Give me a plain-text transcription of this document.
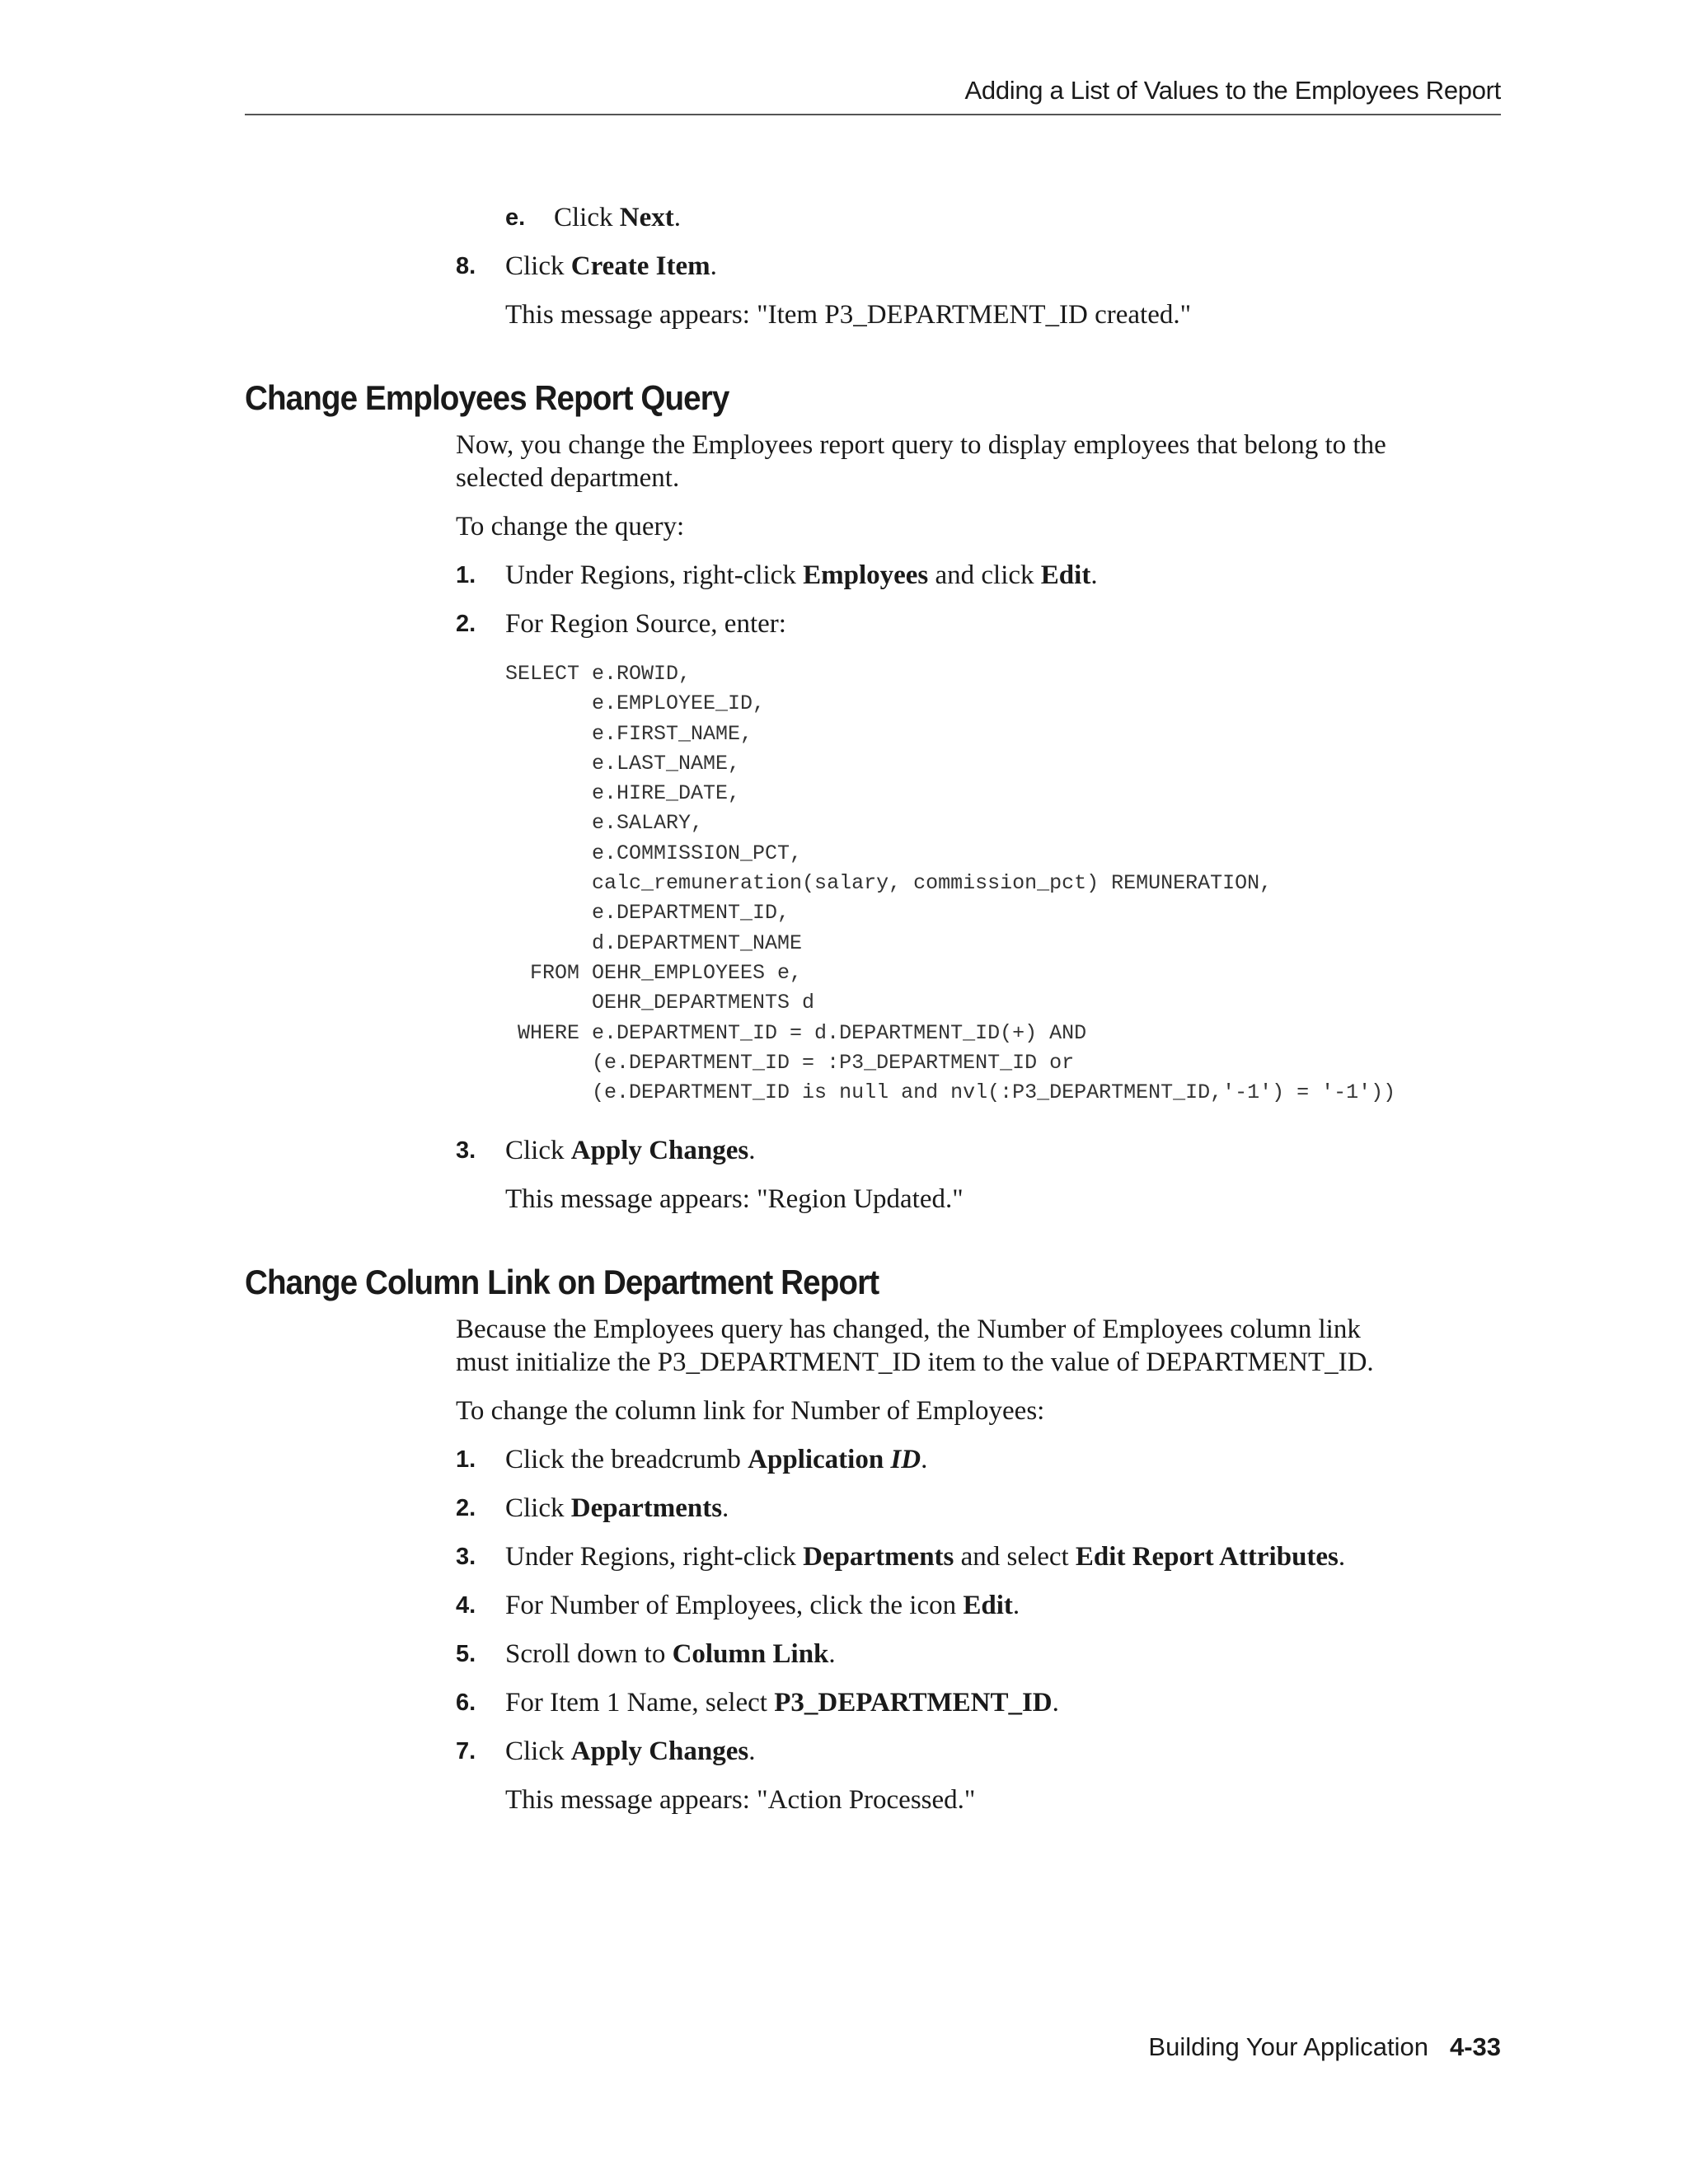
Adding a List of Values to the Employees Report
e. Click Next.
8. Click Create Item.
This message appears: "Item P3_DEPARTMENT_ID created."
Change Employees Report Query
Now, you change the Employees report query to display employees that belong to the
selected department.
To change the query:
1. Under Regions, right-click Employees and click Edit.
2. For Region Source, enter:
SELECT e.ROWID,
e.EMPLOYEE_ID,
e.FIRST_NAME,
e.LAST_NAME,
e.HIRE_DATE,
e.SALARY,
e.COMMISSION_PCT,
calc_remuneration(salary, commission_pct) REMUNERATION,
e.DEPARTMENT_ID,
d.DEPARTMENT_NAME
FROM OEHR_EMPLOYEES e,
OEHR_DEPARTMENTS d
WHERE e.DEPARTMENT_ID = d.DEPARTMENT_ID(+) AND
(e.DEPARTMENT_ID = :P3_DEPARTMENT_ID or
(e.DEPARTMENT_ID is null and nvl(:P3_DEPARTMENT_ID,'-1') = '-1'))
3. Click Apply Changes.
This message appears: "Region Updated."
Change Column Link on Department Report
Because the Employees query has changed, the Number of Employees column link
must initialize the P3_DEPARTMENT_ID item to the value of DEPARTMENT_ID.
To change the column link for Number of Employees:
1. Click the breadcrumb Application ID.
2. Click Departments.
3. Under Regions, right-click Departments and select Edit Report Attributes.
4. For Number of Employees, click the icon Edit.
5. Scroll down to Column Link.
6. For Item 1 Name, select P3_DEPARTMENT_ID.
7. Click Apply Changes.
This message appears: "Action Processed."
Building Your Application 4-33
